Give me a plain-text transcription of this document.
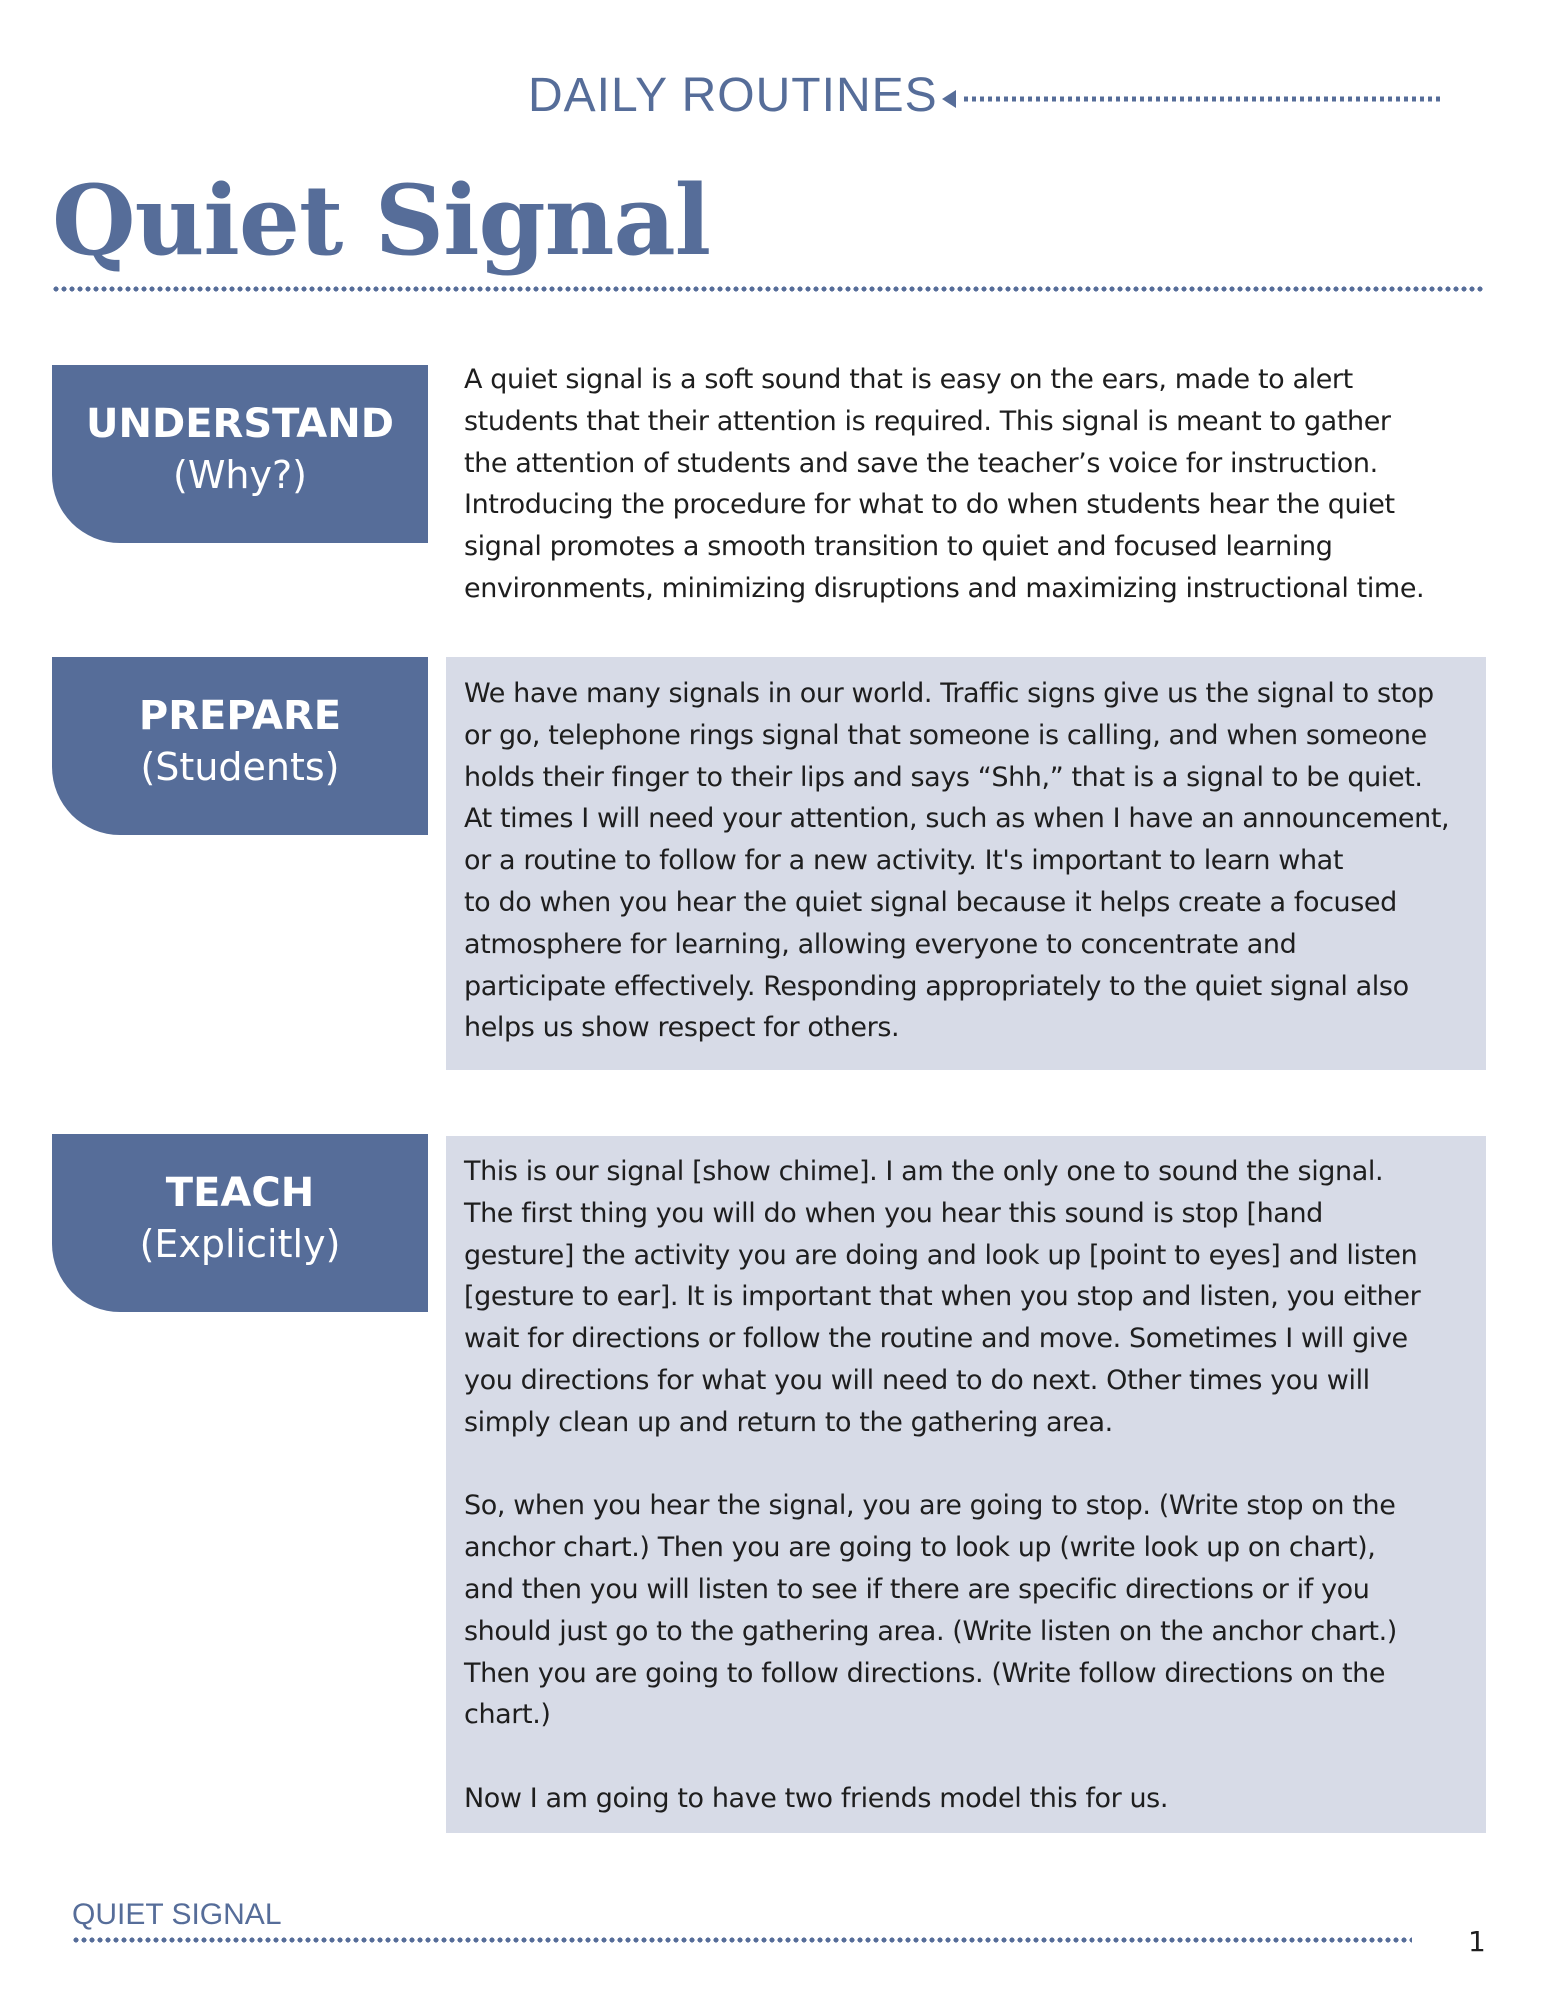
DAILY ROUTINES
Quiet Signal
UNDERSTAND
(Why?)

A quiet signal is a soft sound that is easy on the ears, made to alert

students that their attention is required. This signal is meant to gather

the attention of students and save the teacher’s voice for instruction.

Introducing the procedure for what to do when students hear the quiet

signal promotes a smooth transition to quiet and focused learning

environments, minimizing disruptions and maximizing instructional time.

PREPARE
(Students)

We have many signals in our world. Traffic signs give us the signal to stop

or go, telephone rings signal that someone is calling, and when someone

holds their finger to their lips and says “Shh,” that is a signal to be quiet.

At times I will need your attention, such as when I have an announcement,

or a routine to follow for a new activity. It's important to learn what

to do when you hear the quiet signal because it helps create a focused

atmosphere for learning, allowing everyone to concentrate and

participate effectively. Responding appropriately to the quiet signal also

helps us show respect for others.

TEACH
(Explicitly)

This is our signal [show chime]. I am the only one to sound the signal.

The first thing you will do when you hear this sound is stop [hand

gesture] the activity you are doing and look up [point to eyes] and listen

[gesture to ear]. It is important that when you stop and listen, you either

wait for directions or follow the routine and move. Sometimes I will give

you directions for what you will need to do next. Other times you will

simply clean up and return to the gathering area.

So, when you hear the signal, you are going to stop. (Write stop on the

anchor chart.) Then you are going to look up (write look up on chart),

and then you will listen to see if there are specific directions or if you

should just go to the gathering area. (Write listen on the anchor chart.)

Then you are going to follow directions. (Write follow directions on the

chart.)

Now I am going to have two friends model this for us.

QUIET SIGNAL
1
